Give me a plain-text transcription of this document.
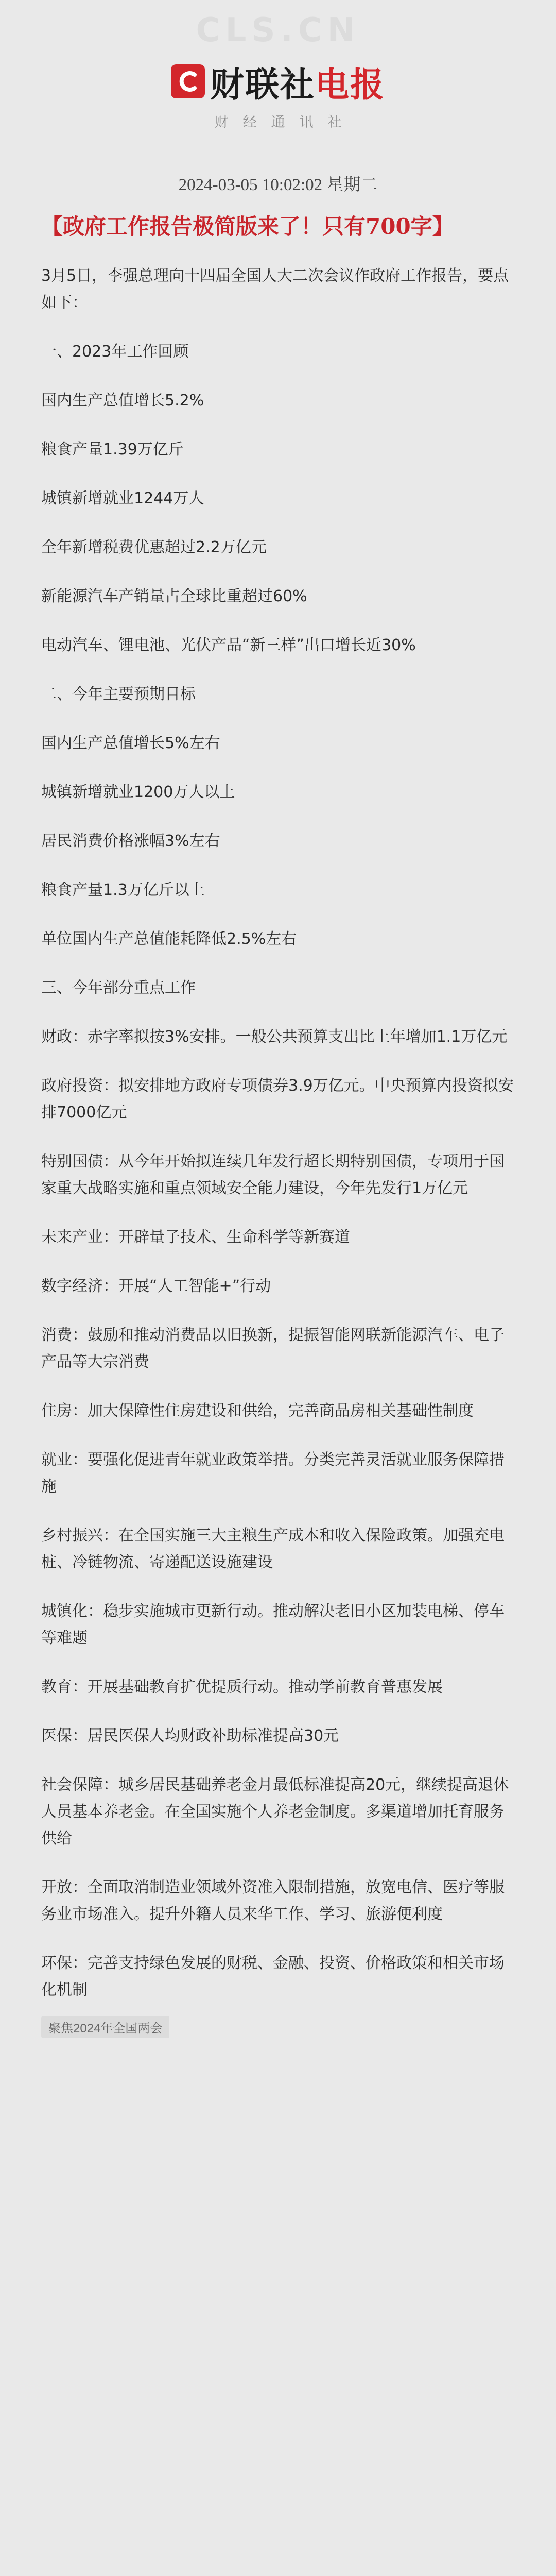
CLS.CN
财联社电报
财经通讯社
2024-03-05 10:02:02 星期二
【政府工作报告极简版来了！只有700字】
3月5日，李强总理向十四届全国人大二次会议作政府工作报告，要点如下：
一、2023年工作回顾
国内生产总值增长5.2%
粮食产量1.39万亿斤
城镇新增就业1244万人
全年新增税费优惠超过2.2万亿元
新能源汽车产销量占全球比重超过60%
电动汽车、锂电池、光伏产品“新三样”出口增长近30%
二、今年主要预期目标
国内生产总值增长5%左右
城镇新增就业1200万人以上
居民消费价格涨幅3%左右
粮食产量1.3万亿斤以上
单位国内生产总值能耗降低2.5%左右
三、今年部分重点工作
财政：赤字率拟按3%安排。一般公共预算支出比上年增加1.1万亿元
政府投资：拟安排地方政府专项债券3.9万亿元。中央预算内投资拟安排7000亿元
特别国债：从今年开始拟连续几年发行超长期特别国债，专项用于国家重大战略实施和重点领域安全能力建设，今年先发行1万亿元
未来产业：开辟量子技术、生命科学等新赛道
数字经济：开展“人工智能+”行动
消费：鼓励和推动消费品以旧换新，提振智能网联新能源汽车、电子产品等大宗消费
住房：加大保障性住房建设和供给，完善商品房相关基础性制度
就业：要强化促进青年就业政策举措。分类完善灵活就业服务保障措施
乡村振兴：在全国实施三大主粮生产成本和收入保险政策。加强充电桩、冷链物流、寄递配送设施建设
城镇化：稳步实施城市更新行动。推动解决老旧小区加装电梯、停车等难题
教育：开展基础教育扩优提质行动。推动学前教育普惠发展
医保：居民医保人均财政补助标准提高30元
社会保障：城乡居民基础养老金月最低标准提高20元，继续提高退休人员基本养老金。在全国实施个人养老金制度。多渠道增加托育服务供给
开放：全面取消制造业领域外资准入限制措施，放宽电信、医疗等服务业市场准入。提升外籍人员来华工作、学习、旅游便利度
环保：完善支持绿色发展的财税、金融、投资、价格政策和相关市场化机制
聚焦2024年全国两会
